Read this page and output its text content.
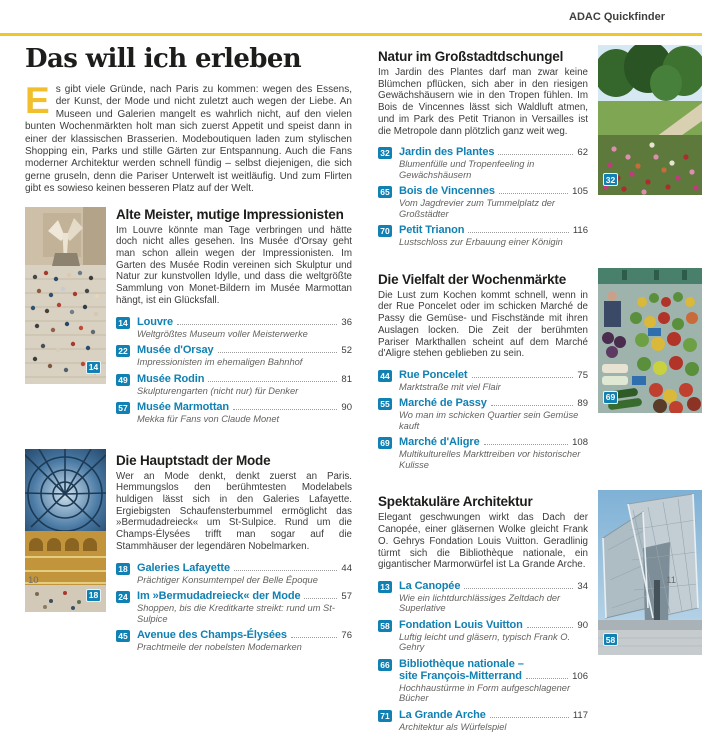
ADAC Quickfinder
Das will ich erleben

Es gibt viele Gründe, nach Paris zu kommen: wegen des Essens, der Kunst, der Mode und nicht zuletzt auch wegen der Liebe. An Museen und Galerien mangelt es wahrlich nicht, auf den vielen bunten Wochenmärkten holt man sich zuerst Appetit und speist dann in einer der klassischen Brasserien. Modeboutiquen laden zum stylischen Shopping ein, Parks und stille Gärten zur Entspannung. Auch die Fans moderner Architektur werden schnell fündig – selbst diejenigen, die sich gerne gruseln, denn die Pariser Unterwelt ist weitläufig. Und zum Flirten gibt es sowieso keinen besseren Platz auf der Welt.

14
Alte Meister, mutige Impressionisten

Im Louvre könnte man Tage verbringen und hätte doch nicht alles gesehen. Ins Musée d'Orsay geht man schon allein wegen der Impressionisten. Im Garten des Musée Rodin vereinen sich Skulptur und Natur zur kunstvollen Idylle, und dass die weltgrößte Sammlung von Monet-Bildern im Musée Marmottan hängt, ist ein Glücksfall.

14 Louvre	36
Weltgrößtes Museum voller Meisterwerke
22 Musée d'Orsay	52
Impressionisten im ehemaligen Bahnhof
49 Musée Rodin	81
Skulpturengarten (nicht nur) für Denker
57 Musée Marmottan	90
Mekka für Fans von Claude Monet
18
Die Hauptstadt der Mode

Wer an Mode denkt, denkt zuerst an Paris. Hemmungslos den berühmtesten Modelabels huldigen lässt sich in den Galeries Lafayette. Ergiebigsten Schaufensterbummel ermöglicht das »Bermudadreieck« um St-Sulpice. Rund um die Champs-Élysées trifft man sogar auf die Stammhäuser der legendären Nobelmarken.

18 Galeries Lafayette	44
Prächtiger Konsumtempel der Belle Époque
24 Im »Bermudadreieck« der Mode	57
Shoppen, bis die Kreditkarte streikt: rund um St-Sulpice
45 Avenue des Champs-Élysées	76
Prachtmeile der nobelsten Modemarken
Natur im Großstadtdschungel

Im Jardin des Plantes darf man zwar keine Blümchen pflücken, sich aber in den riesigen Gewächshäusern wie in den Tropen fühlen. Im Bois de Vincennes lässt sich Waldluft atmen, und im Park des Petit Trianon in Versailles ist die Metropole dann plötzlich ganz weit weg.

32 Jardin des Plantes	62
Blumenfülle und Tropenfeeling in Gewächshäusern
65 Bois de Vincennes	105
Vom Jagdrevier zum Tummelplatz der Großstädter
70 Petit Trianon	116
Lustschloss zur Erbauung einer Königin
32
Die Vielfalt der Wochenmärkte

Die Lust zum Kochen kommt schnell, wenn in der Rue Poncelet oder im schicken Marché de Passy die Gemüse- und Fischstände mit ihren Auslagen locken. Die Zeit der berühmten Pariser Markthallen scheint auf dem Marché d'Aligre stehen geblieben zu sein.

44 Rue Poncelet	75
Marktstraße mit viel Flair
55 Marché de Passy	89
Wo man im schicken Quartier sein Gemüse kauft
69 Marché d'Aligre	108
Multikulturelles Markttreiben vor historischer Kulisse
69
Spektakuläre Architektur

Elegant geschwungen wirkt das Dach der Canopée, einer gläsernen Wolke gleicht Frank O. Gehrys Fondation Louis Vuitton. Geradlinig türmt sich die Bibliothèque nationale, ein gigantischer Marmorwürfel ist La Grande Arche.

13 La Canopée	34
Wie ein lichtdurchlässiges Zeltdach der Superlative
58 Fondation Louis Vuitton	90
Luftig leicht und gläsern, typisch Frank O. Gehry
66 Bibliothèque nationale –
site François-Mitterrand	106
Hochhaustürme in Form aufgeschlagener Bücher
71 La Grande Arche	117
Architektur als Würfelspiel
58
10	11
